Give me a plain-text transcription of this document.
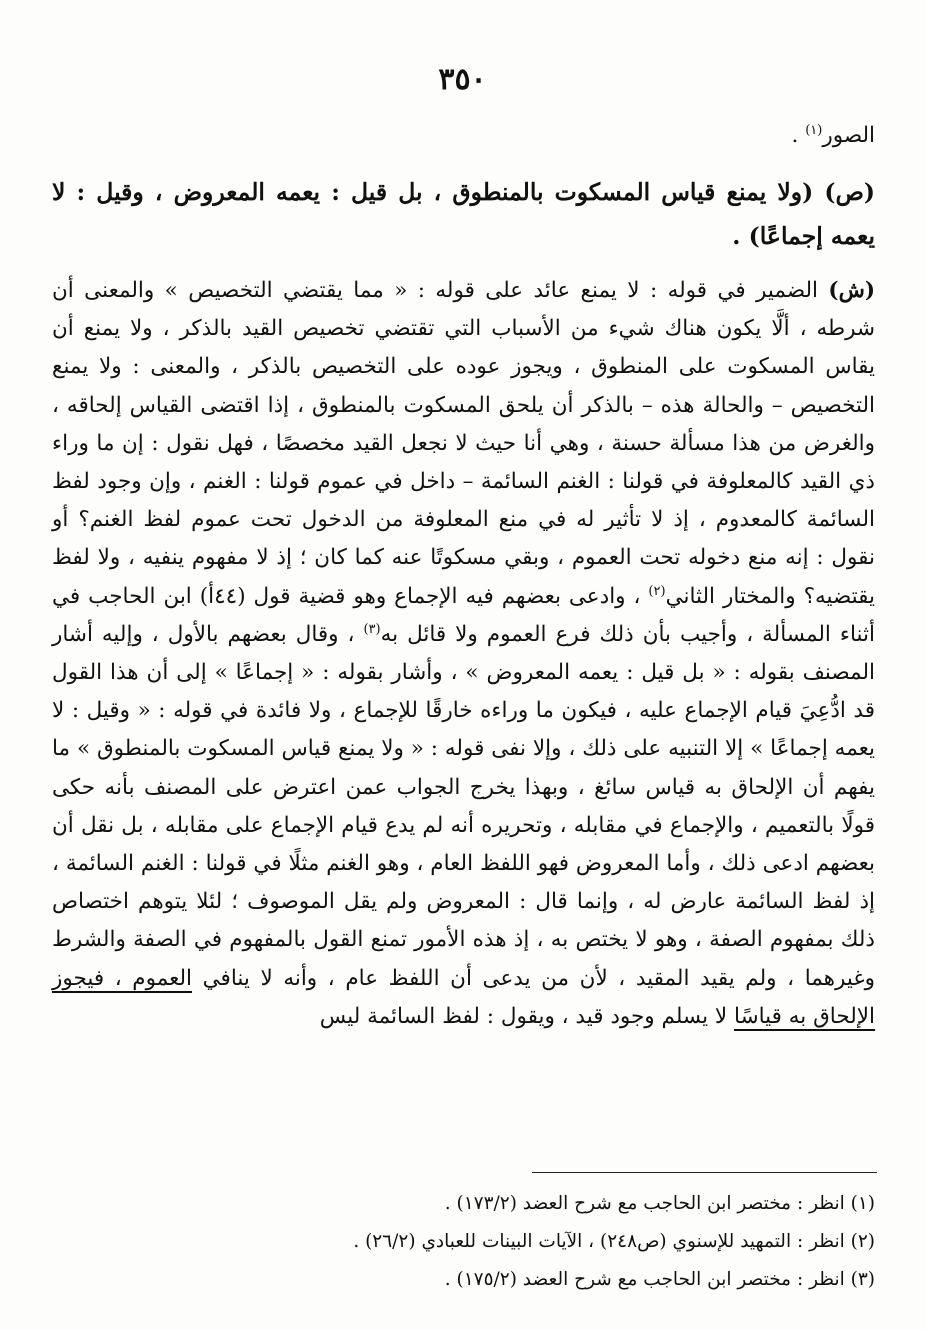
٣٥٠
الصور$^{(١)}$ .
(ص) (ولا يمنع قياس المسكوت بالمنطوق ، بل قيل : يعمه المعروض ، وقيل : لا يعمه إجماعًا) .
(ش) الضمير في قوله : لا يمنع عائد على قوله : « مما يقتضي التخصيص » والمعنى أن شرطه ، ألَّا يكون هناك شيء من الأسباب التي تقتضي تخصيص القيد بالذكر ، ولا يمنع أن يقاس المسكوت على المنطوق ، ويجوز عوده على التخصيص بالذكر ، والمعنى : ولا يمنع التخصيص – والحالة هذه – بالذكر أن يلحق المسكوت بالمنطوق ، إذا اقتضى القياس إلحاقه ، والغرض من هذا مسألة حسنة ، وهي أنا حيث لا نجعل القيد مخصصًا ، فهل نقول : إن ما وراء ذي القيد كالمعلوفة في قولنا : الغنم السائمة – داخل في عموم قولنا : الغنم ، وإن وجود لفظ السائمة كالمعدوم ، إذ لا تأثير له في منع المعلوفة من الدخول تحت عموم لفظ الغنم؟ أو نقول : إنه منع دخوله تحت العموم ، وبقي مسكوتًا عنه كما كان ؛ إذ لا مفهوم ينفيه ، ولا لفظ يقتضيه؟ والمختار الثاني$^{(٢)}$ ، وادعى بعضهم فيه الإجماع وهو قضية قول (٤٤أ) ابن الحاجب في أثناء المسألة ، وأجيب بأن ذلك فرع العموم ولا قائل به$^{(٣)}$ ، وقال بعضهم بالأول ، وإليه أشار المصنف بقوله : « بل قيل : يعمه المعروض » ، وأشار بقوله : « إجماعًا » إلى أن هذا القول قد ادُّعِيَ قيام الإجماع عليه ، فيكون ما وراءه خارقًا للإجماع ، ولا فائدة في قوله : « وقيل : لا يعمه إجماعًا » إلا التنبيه على ذلك ، وإلا نفى قوله : « ولا يمنع قياس المسكوت بالمنطوق » ما يفهم أن الإلحاق به قياس سائغ ، وبهذا يخرج الجواب عمن اعترض على المصنف بأنه حكى قولًا بالتعميم ، والإجماع في مقابله ، وتحريره أنه لم يدع قيام الإجماع على مقابله ، بل نقل أن بعضهم ادعى ذلك ، وأما المعروض فهو اللفظ العام ، وهو الغنم مثلًا في قولنا : الغنم السائمة ، إذ لفظ السائمة عارض له ، وإنما قال : المعروض ولم يقل الموصوف ؛ لئلا يتوهم اختصاص ذلك بمفهوم الصفة ، وهو لا يختص به ، إذ هذه الأمور تمنع القول بالمفهوم في الصفة والشرط وغيرهما ، ولم يقيد المقيد ، لأن من يدعى أن اللفظ عام ، وأنه لا ينافي العموم ، فيجوز الإلحاق به قياسًا لا يسلم وجود قيد ، ويقول : لفظ السائمة ليس
(١) انظر : مختصر ابن الحاجب مع شرح العضد (١٧٣/٢) .
(٢) انظر : التمهيد للإسنوي (ص٢٤٨) ، الآيات البينات للعبادي (٢٦/٢) .
(٣) انظر : مختصر ابن الحاجب مع شرح العضد (١٧٥/٢) .
